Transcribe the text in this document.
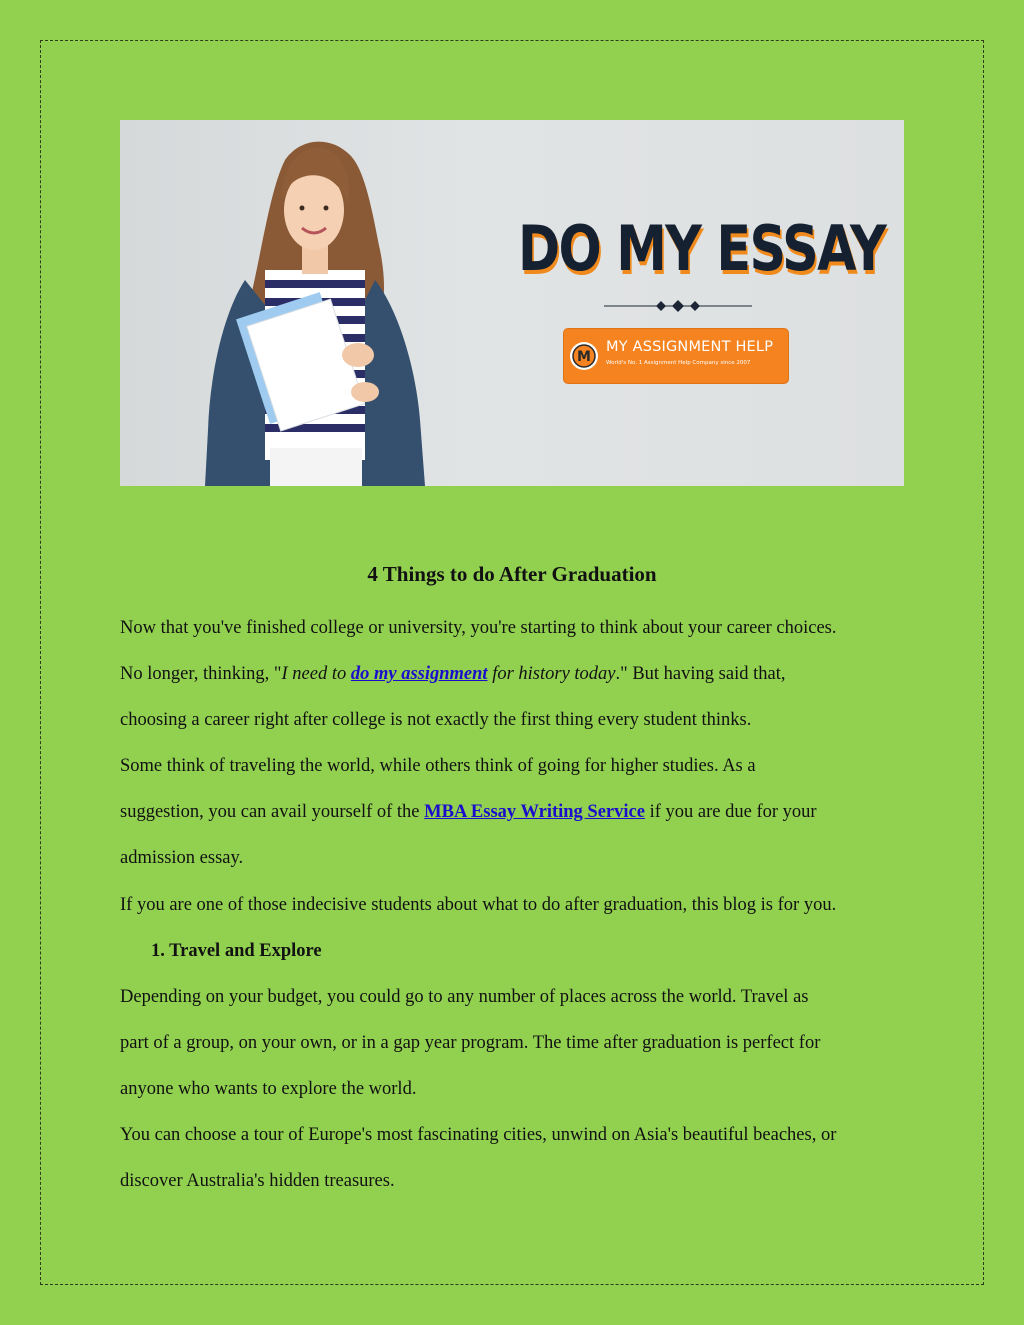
DO MY ESSAY
M
MY ASSIGNMENT HELP
World's No. 1 Assignment Help Company since 2007
4 Things to do After Graduation
Now that you've finished college or university, you're starting to think about your career choices.
No longer, thinking, "I need to do my assignment for history today." But having said that,
choosing a career right after college is not exactly the first thing every student thinks.
Some think of traveling the world, while others think of going for higher studies. As a
suggestion, you can avail yourself of the MBA Essay Writing Service if you are due for your
admission essay.
If you are one of those indecisive students about what to do after graduation, this blog is for you.
1. Travel and Explore
Depending on your budget, you could go to any number of places across the world. Travel as
part of a group, on your own, or in a gap year program. The time after graduation is perfect for
anyone who wants to explore the world.
You can choose a tour of Europe's most fascinating cities, unwind on Asia's beautiful beaches, or
discover Australia's hidden treasures.
